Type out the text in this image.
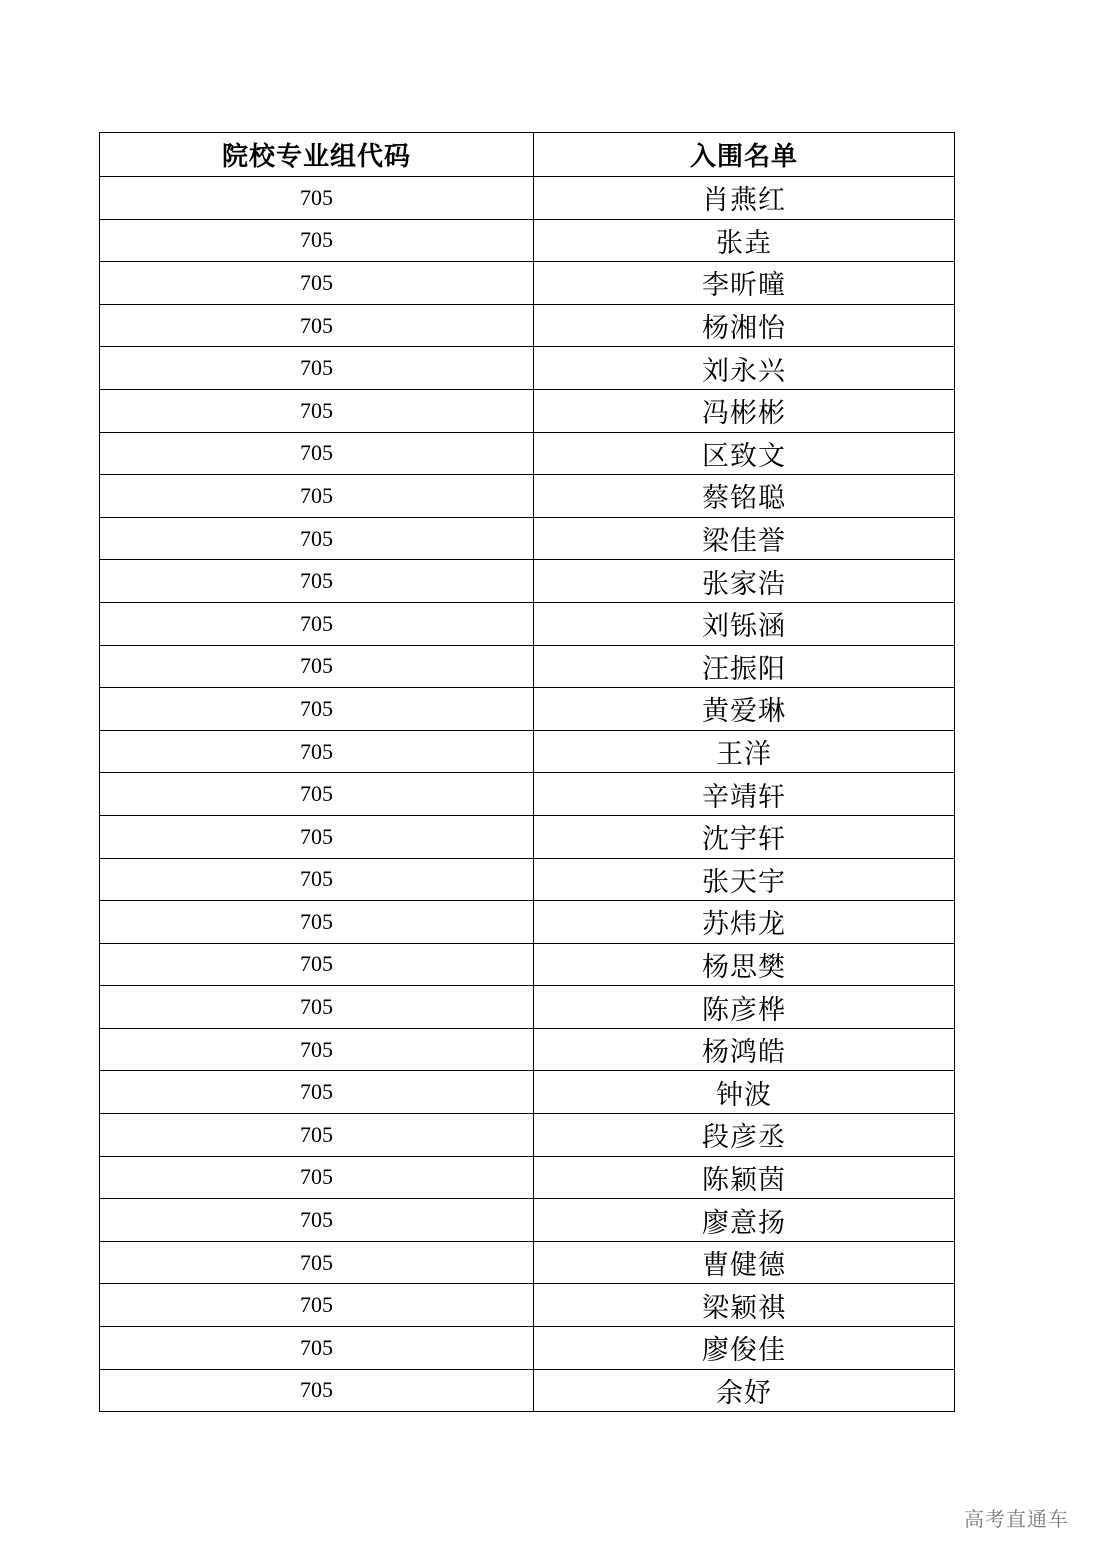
院校专业组代码	入围名单
705	肖燕红
705	张垚
705	李昕曈
705	杨湘怡
705	刘永兴
705	冯彬彬
705	区致文
705	蔡铭聪
705	梁佳誉
705	张家浩
705	刘铄涵
705	汪振阳
705	黄爱琳
705	王洋
705	辛靖轩
705	沈宇轩
705	张天宇
705	苏炜龙
705	杨思樊
705	陈彦桦
705	杨鸿皓
705	钟波
705	段彦丞
705	陈颖茵
705	廖意扬
705	曹健德
705	梁颖祺
705	廖俊佳
705	余妤
高考直通车
